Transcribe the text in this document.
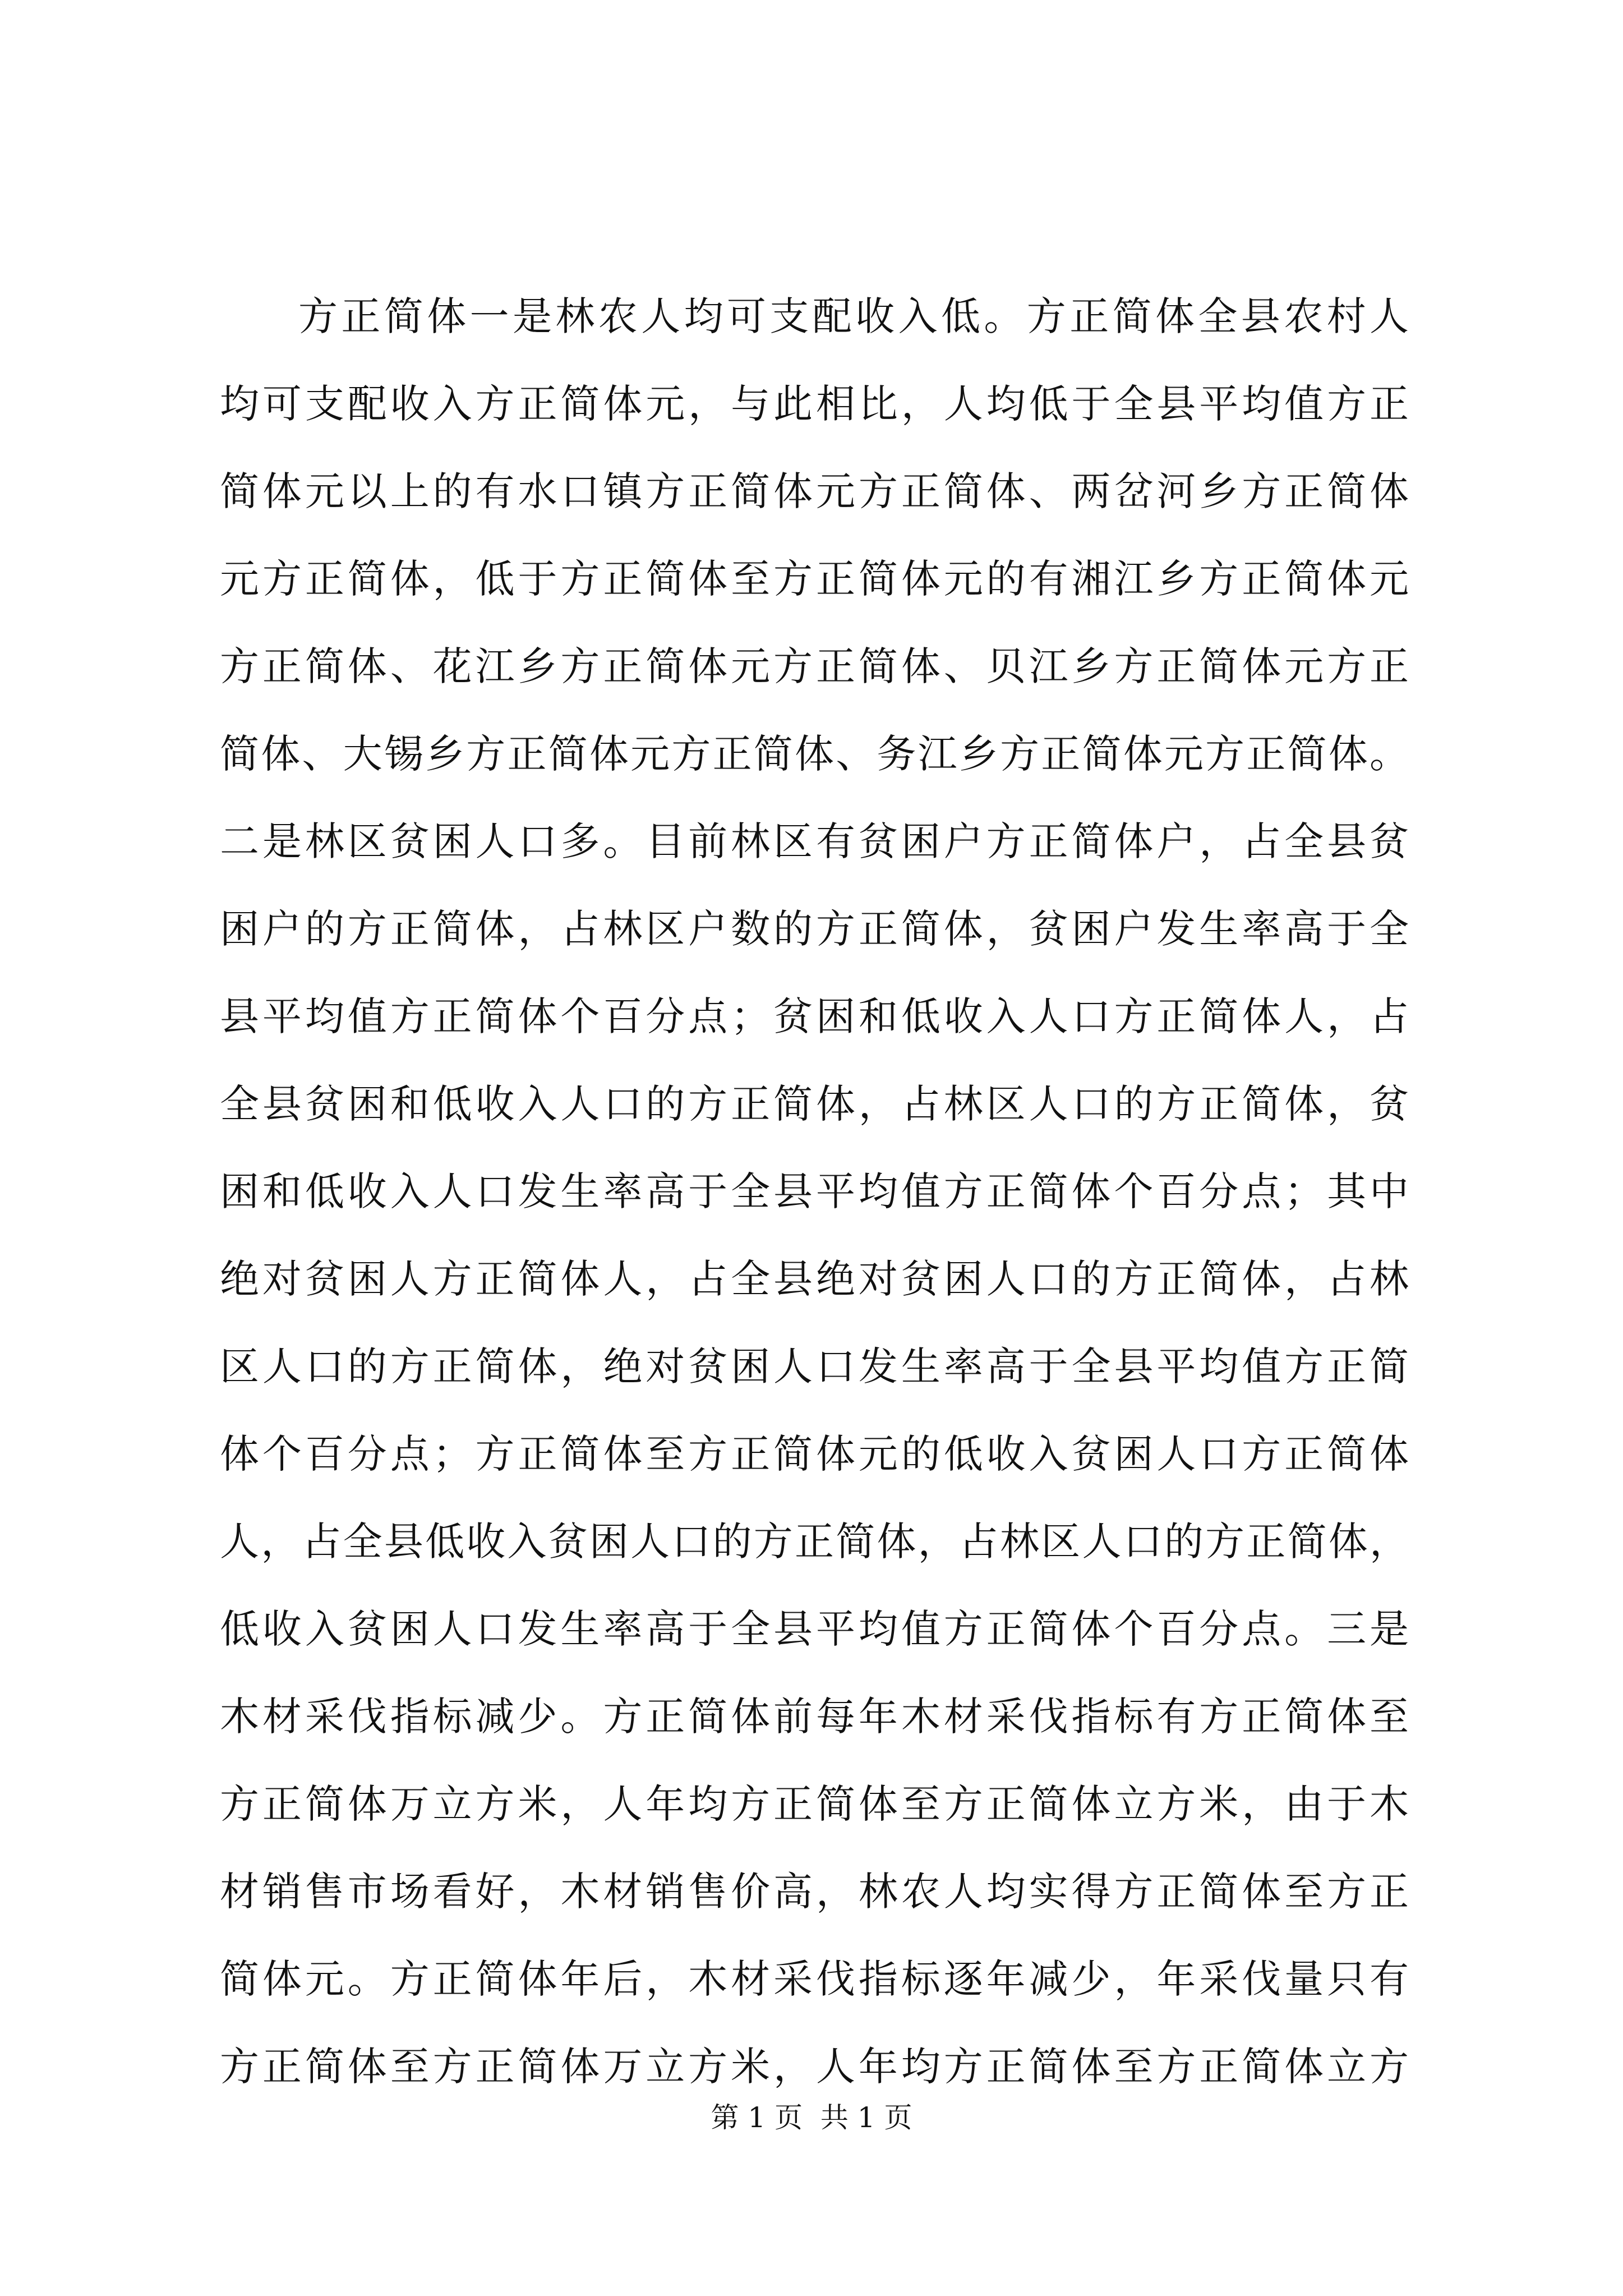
方正简体一是林农人均可支配收入低。方正简体全县农村人
均可支配收入方正简体元，与此相比，人均低于全县平均值方正
简体元以上的有水口镇方正简体元方正简体、两岔河乡方正简体
元方正简体，低于方正简体至方正简体元的有湘江乡方正简体元
方正简体、花江乡方正简体元方正简体、贝江乡方正简体元方正
简体、大锡乡方正简体元方正简体、务江乡方正简体元方正简体。
二是林区贫困人口多。目前林区有贫困户方正简体户，占全县贫
困户的方正简体，占林区户数的方正简体，贫困户发生率高于全
县平均值方正简体个百分点；贫困和低收入人口方正简体人，占
全县贫困和低收入人口的方正简体，占林区人口的方正简体，贫
困和低收入人口发生率高于全县平均值方正简体个百分点；其中
绝对贫困人方正简体人，占全县绝对贫困人口的方正简体，占林
区人口的方正简体，绝对贫困人口发生率高于全县平均值方正简
体个百分点；方正简体至方正简体元的低收入贫困人口方正简体
人，占全县低收入贫困人口的方正简体，占林区人口的方正简体，
低收入贫困人口发生率高于全县平均值方正简体个百分点。三是
木材采伐指标减少。方正简体前每年木材采伐指标有方正简体至
方正简体万立方米，人年均方正简体至方正简体立方米，由于木
材销售市场看好，木材销售价高，林农人均实得方正简体至方正
简体元。方正简体年后，木材采伐指标逐年减少，年采伐量只有
方正简体至方正简体万立方米，人年均方正简体至方正简体立方
第 1 页  共 1 页
